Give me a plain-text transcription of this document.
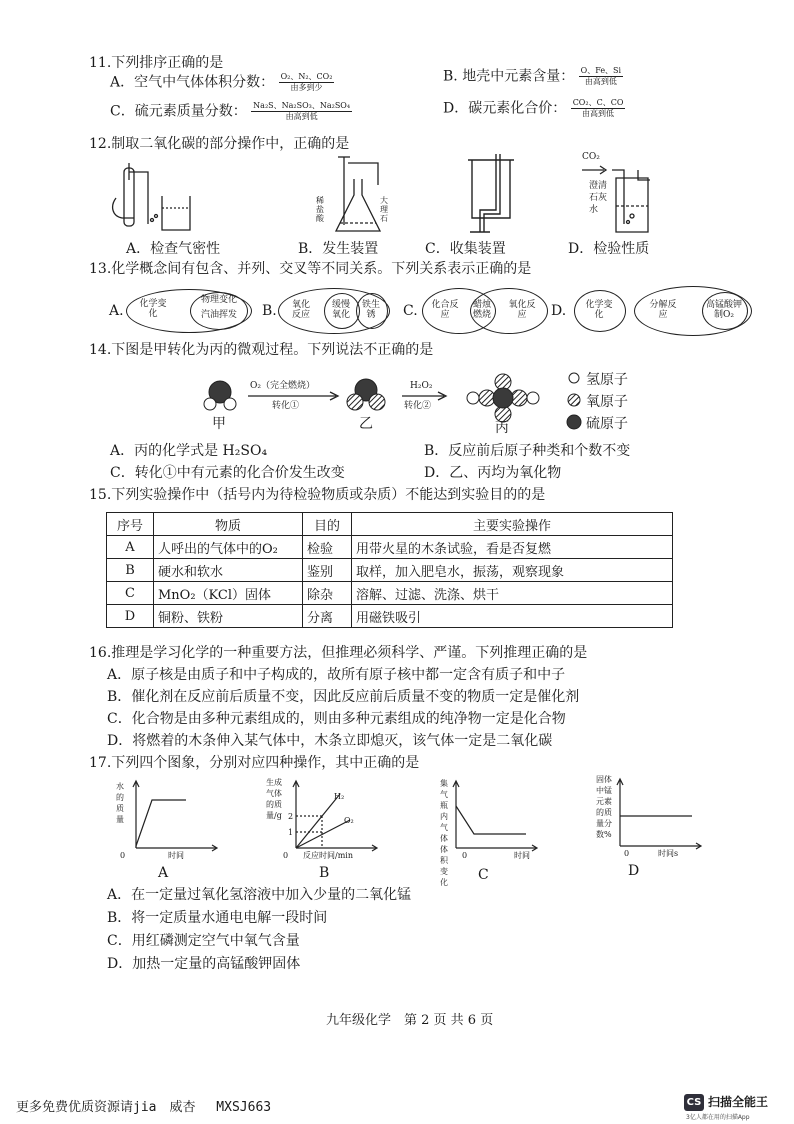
11.下列排序正确的是
A．空气中气体体积分数： $\frac{\text{O₂、N₂、CO₂}}{\text{由多到少}}$	B. 地壳中元素含量： $\frac{O、Fe、Si}{\text{由高到低}}$
C．硫元素质量分数： $\frac{\text{Na₂S、Na₂SO₃、Na₂SO₄}}{\text{由高到低}}$	D．碳元素化合价： $\frac{\text{CO₂、C、CO}}{\text{由高到低}}$
12.制取二氧化碳的部分操作中，正确的是
A．检查气密性
稀盐酸
大理石
B．发生装置	C．收集装置
CO₂
澄清石灰水
D．检验性质
13.化学概念间有包含、并列、交叉等不同关系。下列关系表示正确的是
A.	化学变化
物理变化
汽油挥发	B.	氧化反应
缓慢氧化
铁生锈	C. 化合反应
蜡烛燃烧
氧化反应	D. 化学变化
分解反应
高锰酸钾制O₂
14.下图是甲转化为丙的微观过程。下列说法不正确的是
O₂（完全燃烧）
转化①
H₂O₂
转化②
甲	乙	丙
氢原子
氧原子
硫原子
A．丙的化学式是 H₂SO₄	B．反应前后原子种类和个数不变
C．转化①中有元素的化合价发生改变	D．乙、丙均为氧化物
15.下列实验操作中（括号内为待检验物质或杂质）不能达到实验目的的是
序号	物质	目的	主要实验操作
A	人呼出的气体中的O₂	检验	用带火星的木条试验，看是否复燃
B	硬水和软水	鉴别	取样，加入肥皂水，振荡，观察现象
C	MnO₂（KCl）固体	除杂	溶解、过滤、洗涤、烘干
D	铜粉、铁粉	分离	用磁铁吸引
16.推理是学习化学的一种重要方法，但推理必须科学、严谨。下列推理正确的是
A．原子核是由质子和中子构成的，故所有原子核中都一定含有质子和中子
B．催化剂在反应前后质量不变，因此反应前后质量不变的物质一定是催化剂
C．化合物是由多种元素组成的，则由多种元素组成的纯净物一定是化合物
D．将燃着的木条伸入某气体中，木条立即熄灭，该气体一定是二氧化碳
17.下列四个图象，分别对应四种操作，其中正确的是
水的质量
0	时间
A
生成气体的质量/g
H₂
O₂
2
1
0 反应时间/min
B
集气瓶内气体体积变化
0	时间
C
固体中锰元素的质量分数%
0	时间s
D
A．在一定量过氧化氢溶液中加入少量的二氧化锰
B．将一定质量水通电电解一段时间
C．用红磷测定空气中氧气含量
D．加热一定量的高锰酸钾固体
九年级化学　第 2 页 共 6 页
更多免费优质资源请jia　威杏　 MXSJ663	CS 扫描全能王
3亿人都在用的扫描App
